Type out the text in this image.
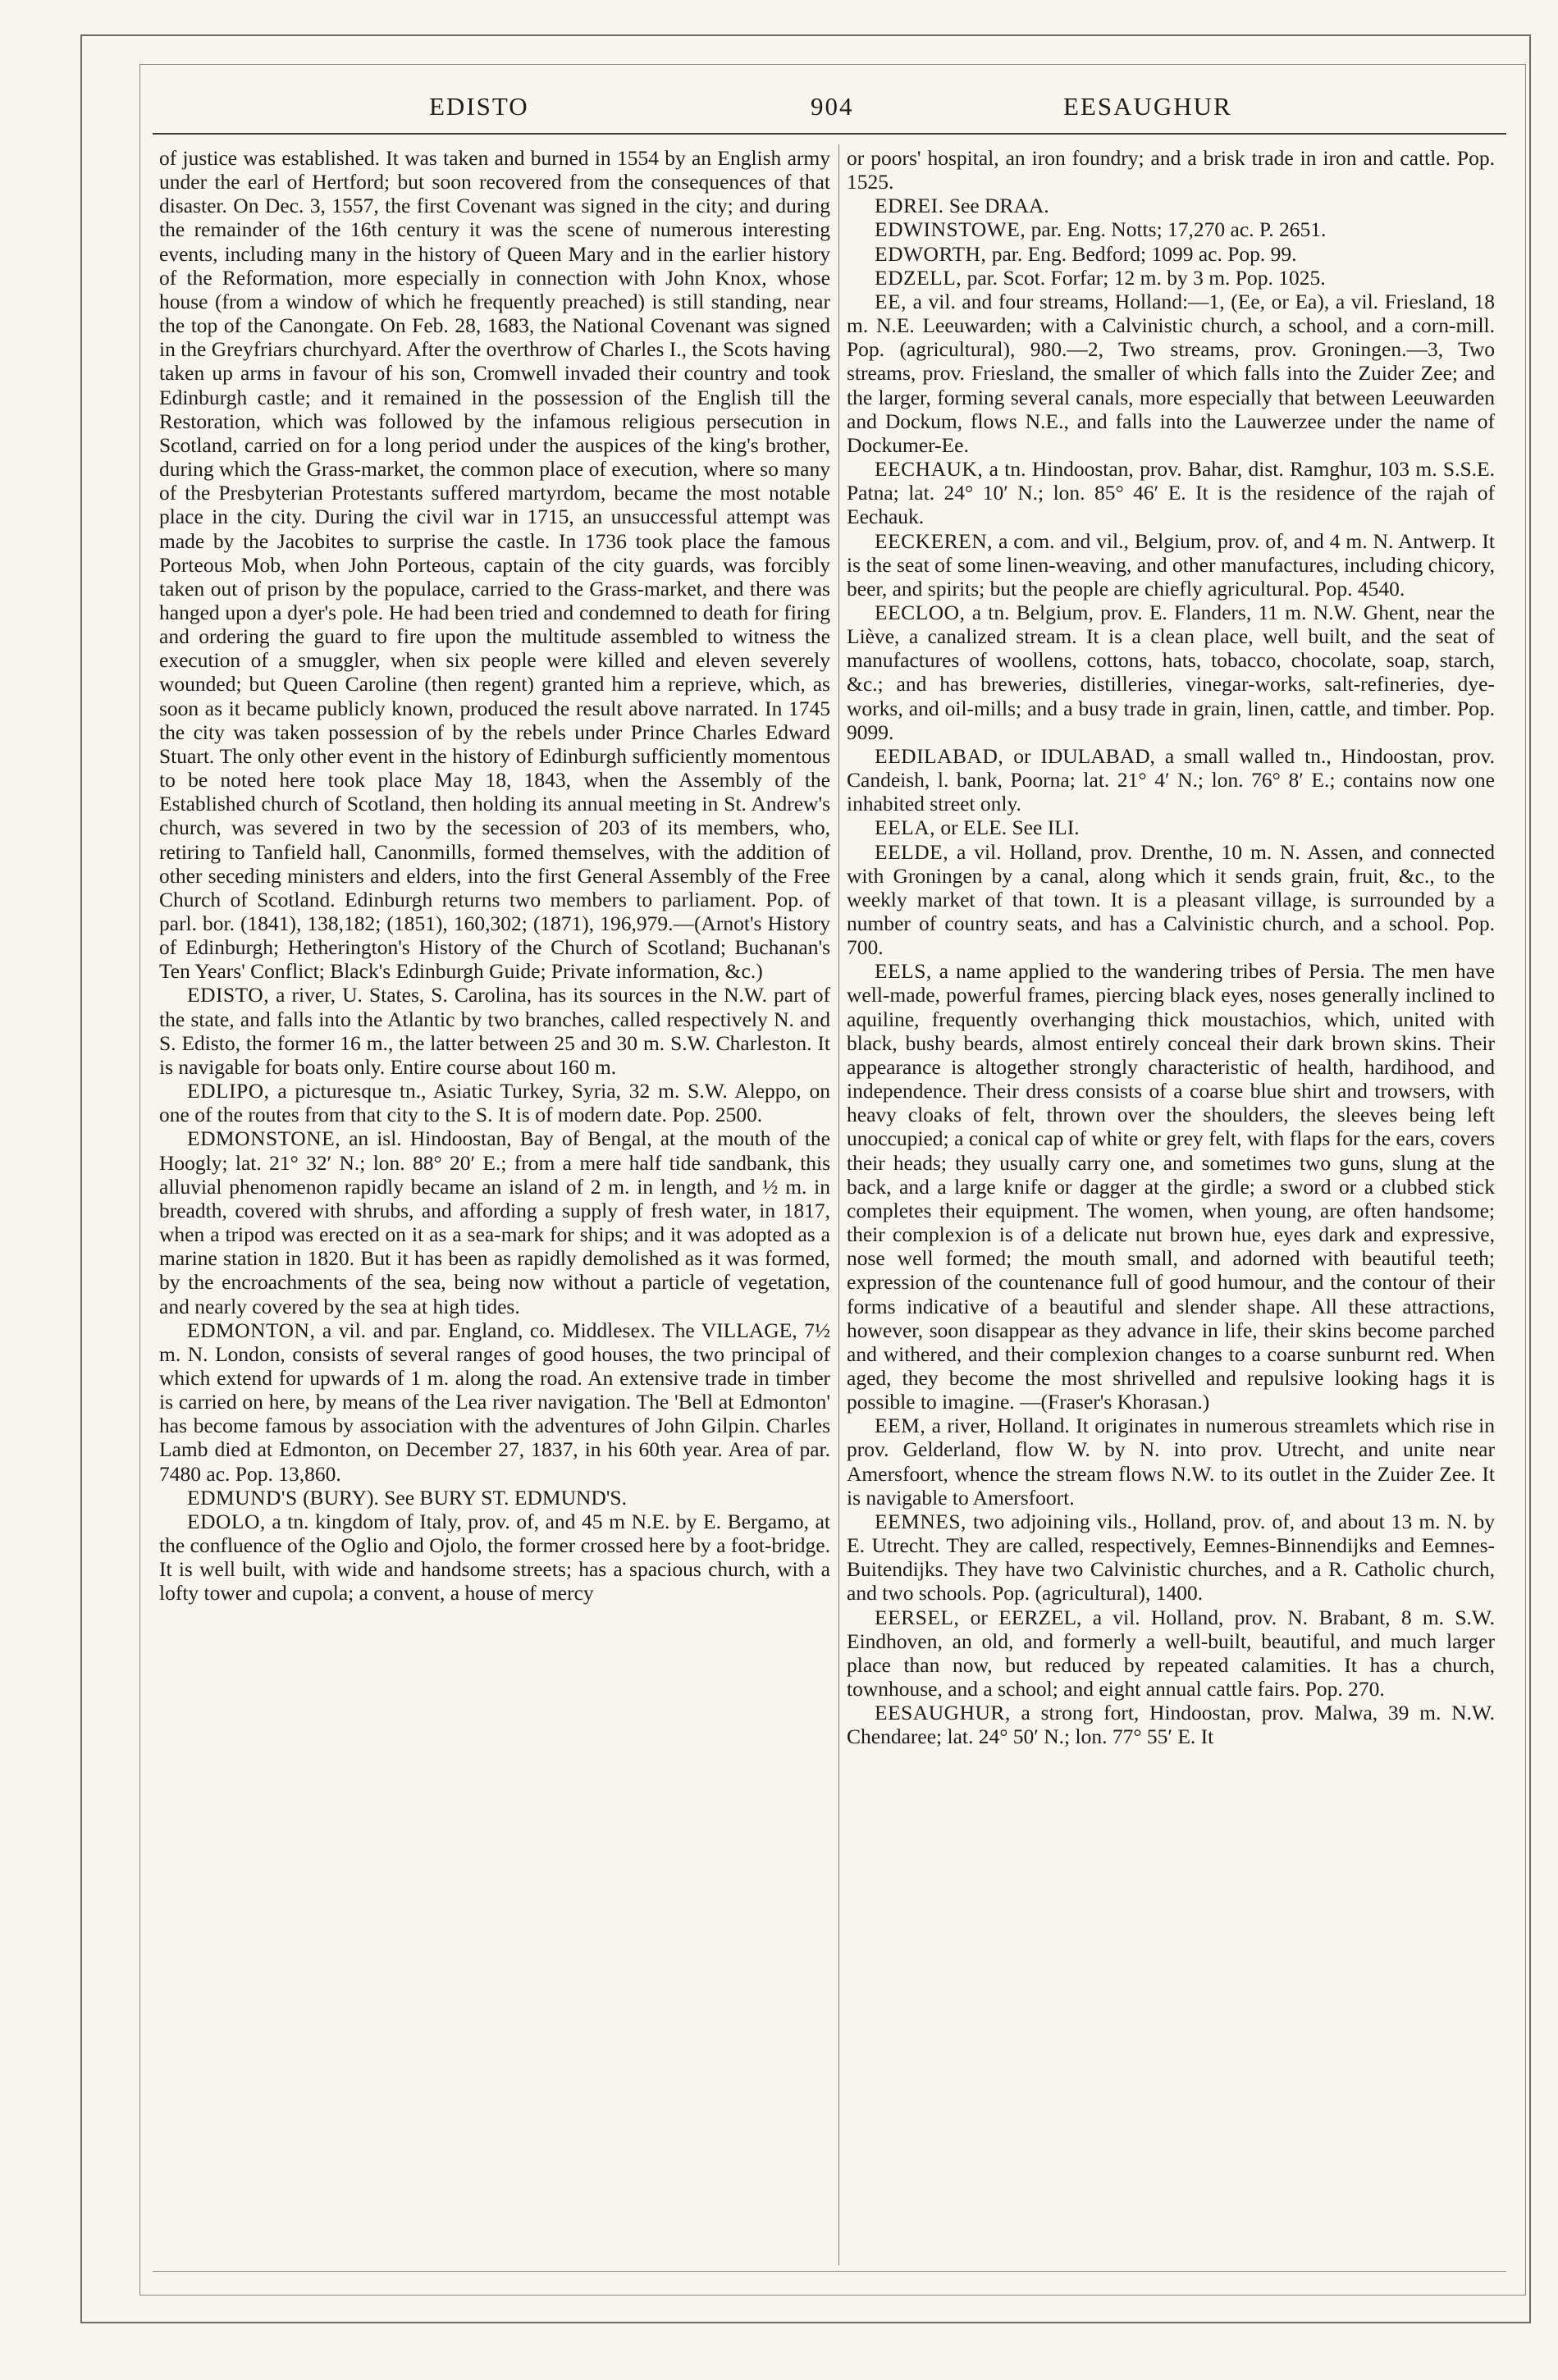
EDISTO	904	EESAUGHUR

of justice was established. It was taken and burned in 1554 by an English army under the earl of Hertford; but soon recovered from the consequences of that disaster. On Dec. 3, 1557, the first Covenant was signed in the city; and during the remainder of the 16th century it was the scene of numerous interesting events, including many in the history of Queen Mary and in the earlier history of the Reformation, more especially in connection with John Knox, whose house (from a window of which he frequently preached) is still standing, near the top of the Canongate. On Feb. 28, 1683, the National Covenant was signed in the Greyfriars churchyard. After the overthrow of Charles I., the Scots having taken up arms in favour of his son, Cromwell invaded their country and took Edinburgh castle; and it remained in the possession of the English till the Restoration, which was followed by the infamous religious persecution in Scotland, carried on for a long period under the auspices of the king's brother, during which the Grass-market, the common place of execution, where so many of the Presbyterian Protestants suffered martyrdom, became the most notable place in the city. During the civil war in 1715, an unsuccessful attempt was made by the Jacobites to surprise the castle. In 1736 took place the famous Porteous Mob, when John Porteous, captain of the city guards, was forcibly taken out of prison by the populace, carried to the Grass-market, and there was hanged upon a dyer's pole. He had been tried and condemned to death for firing and ordering the guard to fire upon the multitude assembled to witness the execution of a smuggler, when six people were killed and eleven severely wounded; but Queen Caroline (then regent) granted him a reprieve, which, as soon as it became publicly known, produced the result above narrated. In 1745 the city was taken possession of by the rebels under Prince Charles Edward Stuart. The only other event in the history of Edinburgh sufficiently momentous to be noted here took place May 18, 1843, when the Assembly of the Established church of Scotland, then holding its annual meeting in St. Andrew's church, was severed in two by the secession of 203 of its members, who, retiring to Tanfield hall, Canonmills, formed themselves, with the addition of other seceding ministers and elders, into the first General Assembly of the Free Church of Scotland. Edinburgh returns two members to parliament. Pop. of parl. bor. (1841), 138,182; (1851), 160,302; (1871), 196,979.—(Arnot's History of Edinburgh; Hetherington's History of the Church of Scotland; Buchanan's Ten Years' Conflict; Black's Edinburgh Guide; Private information, &c.)

EDISTO, a river, U. States, S. Carolina, has its sources in the N.W. part of the state, and falls into the Atlantic by two branches, called respectively N. and S. Edisto, the former 16 m., the latter between 25 and 30 m. S.W. Charleston. It is navigable for boats only. Entire course about 160 m.

EDLIPO, a picturesque tn., Asiatic Turkey, Syria, 32 m. S.W. Aleppo, on one of the routes from that city to the S. It is of modern date. Pop. 2500.

EDMONSTONE, an isl. Hindoostan, Bay of Bengal, at the mouth of the Hoogly; lat. 21° 32′ N.; lon. 88° 20′ E.; from a mere half tide sandbank, this alluvial phenomenon rapidly became an island of 2 m. in length, and ½ m. in breadth, covered with shrubs, and affording a supply of fresh water, in 1817, when a tripod was erected on it as a sea-mark for ships; and it was adopted as a marine station in 1820. But it has been as rapidly demolished as it was formed, by the encroachments of the sea, being now without a particle of vegetation, and nearly covered by the sea at high tides.

EDMONTON, a vil. and par. England, co. Middlesex. The VILLAGE, 7½ m. N. London, consists of several ranges of good houses, the two principal of which extend for upwards of 1 m. along the road. An extensive trade in timber is carried on here, by means of the Lea river navigation. The 'Bell at Edmonton' has become famous by association with the adventures of John Gilpin. Charles Lamb died at Edmonton, on December 27, 1837, in his 60th year. Area of par. 7480 ac. Pop. 13,860.

EDMUND'S (BURY). See BURY ST. EDMUND'S.

EDOLO, a tn. kingdom of Italy, prov. of, and 45 m N.E. by E. Bergamo, at the confluence of the Oglio and Ojolo, the former crossed here by a foot-bridge. It is well built, with wide and handsome streets; has a spacious church, with a lofty tower and cupola; a convent, a house of mercy

or poors' hospital, an iron foundry; and a brisk trade in iron and cattle. Pop. 1525.

EDREI. See DRAA.

EDWINSTOWE, par. Eng. Notts; 17,270 ac. P. 2651.

EDWORTH, par. Eng. Bedford; 1099 ac. Pop. 99.

EDZELL, par. Scot. Forfar; 12 m. by 3 m. Pop. 1025.

EE, a vil. and four streams, Holland:—1, (Ee, or Ea), a vil. Friesland, 18 m. N.E. Leeuwarden; with a Calvinistic church, a school, and a corn-mill. Pop. (agricultural), 980.—2, Two streams, prov. Groningen.—3, Two streams, prov. Friesland, the smaller of which falls into the Zuider Zee; and the larger, forming several canals, more especially that between Leeuwarden and Dockum, flows N.E., and falls into the Lauwerzee under the name of Dockumer-Ee.

EECHAUK, a tn. Hindoostan, prov. Bahar, dist. Ramghur, 103 m. S.S.E. Patna; lat. 24° 10′ N.; lon. 85° 46′ E. It is the residence of the rajah of Eechauk.

EECKEREN, a com. and vil., Belgium, prov. of, and 4 m. N. Antwerp. It is the seat of some linen-weaving, and other manufactures, including chicory, beer, and spirits; but the people are chiefly agricultural. Pop. 4540.

EECLOO, a tn. Belgium, prov. E. Flanders, 11 m. N.W. Ghent, near the Liève, a canalized stream. It is a clean place, well built, and the seat of manufactures of woollens, cottons, hats, tobacco, chocolate, soap, starch, &c.; and has breweries, distilleries, vinegar-works, salt-refineries, dye-works, and oil-mills; and a busy trade in grain, linen, cattle, and timber. Pop. 9099.

EEDILABAD, or IDULABAD, a small walled tn., Hindoostan, prov. Candeish, l. bank, Poorna; lat. 21° 4′ N.; lon. 76° 8′ E.; contains now one inhabited street only.

EELA, or ELE. See ILI.

EELDE, a vil. Holland, prov. Drenthe, 10 m. N. Assen, and connected with Groningen by a canal, along which it sends grain, fruit, &c., to the weekly market of that town. It is a pleasant village, is surrounded by a number of country seats, and has a Calvinistic church, and a school. Pop. 700.

EELS, a name applied to the wandering tribes of Persia. The men have well-made, powerful frames, piercing black eyes, noses generally inclined to aquiline, frequently overhanging thick moustachios, which, united with black, bushy beards, almost entirely conceal their dark brown skins. Their appearance is altogether strongly characteristic of health, hardihood, and independence. Their dress consists of a coarse blue shirt and trowsers, with heavy cloaks of felt, thrown over the shoulders, the sleeves being left unoccupied; a conical cap of white or grey felt, with flaps for the ears, covers their heads; they usually carry one, and sometimes two guns, slung at the back, and a large knife or dagger at the girdle; a sword or a clubbed stick completes their equipment. The women, when young, are often handsome; their complexion is of a delicate nut brown hue, eyes dark and expressive, nose well formed; the mouth small, and adorned with beautiful teeth; expression of the countenance full of good humour, and the contour of their forms indicative of a beautiful and slender shape. All these attractions, however, soon disappear as they advance in life, their skins become parched and withered, and their complexion changes to a coarse sunburnt red. When aged, they become the most shrivelled and repulsive looking hags it is possible to imagine. —(Fraser's Khorasan.)

EEM, a river, Holland. It originates in numerous streamlets which rise in prov. Gelderland, flow W. by N. into prov. Utrecht, and unite near Amersfoort, whence the stream flows N.W. to its outlet in the Zuider Zee. It is navigable to Amersfoort.

EEMNES, two adjoining vils., Holland, prov. of, and about 13 m. N. by E. Utrecht. They are called, respectively, Eemnes-Binnendijks and Eemnes-Buitendijks. They have two Calvinistic churches, and a R. Catholic church, and two schools. Pop. (agricultural), 1400.

EERSEL, or EERZEL, a vil. Holland, prov. N. Brabant, 8 m. S.W. Eindhoven, an old, and formerly a well-built, beautiful, and much larger place than now, but reduced by repeated calamities. It has a church, townhouse, and a school; and eight annual cattle fairs. Pop. 270.

EESAUGHUR, a strong fort, Hindoostan, prov. Malwa, 39 m. N.W. Chendaree; lat. 24° 50′ N.; lon. 77° 55′ E. It
